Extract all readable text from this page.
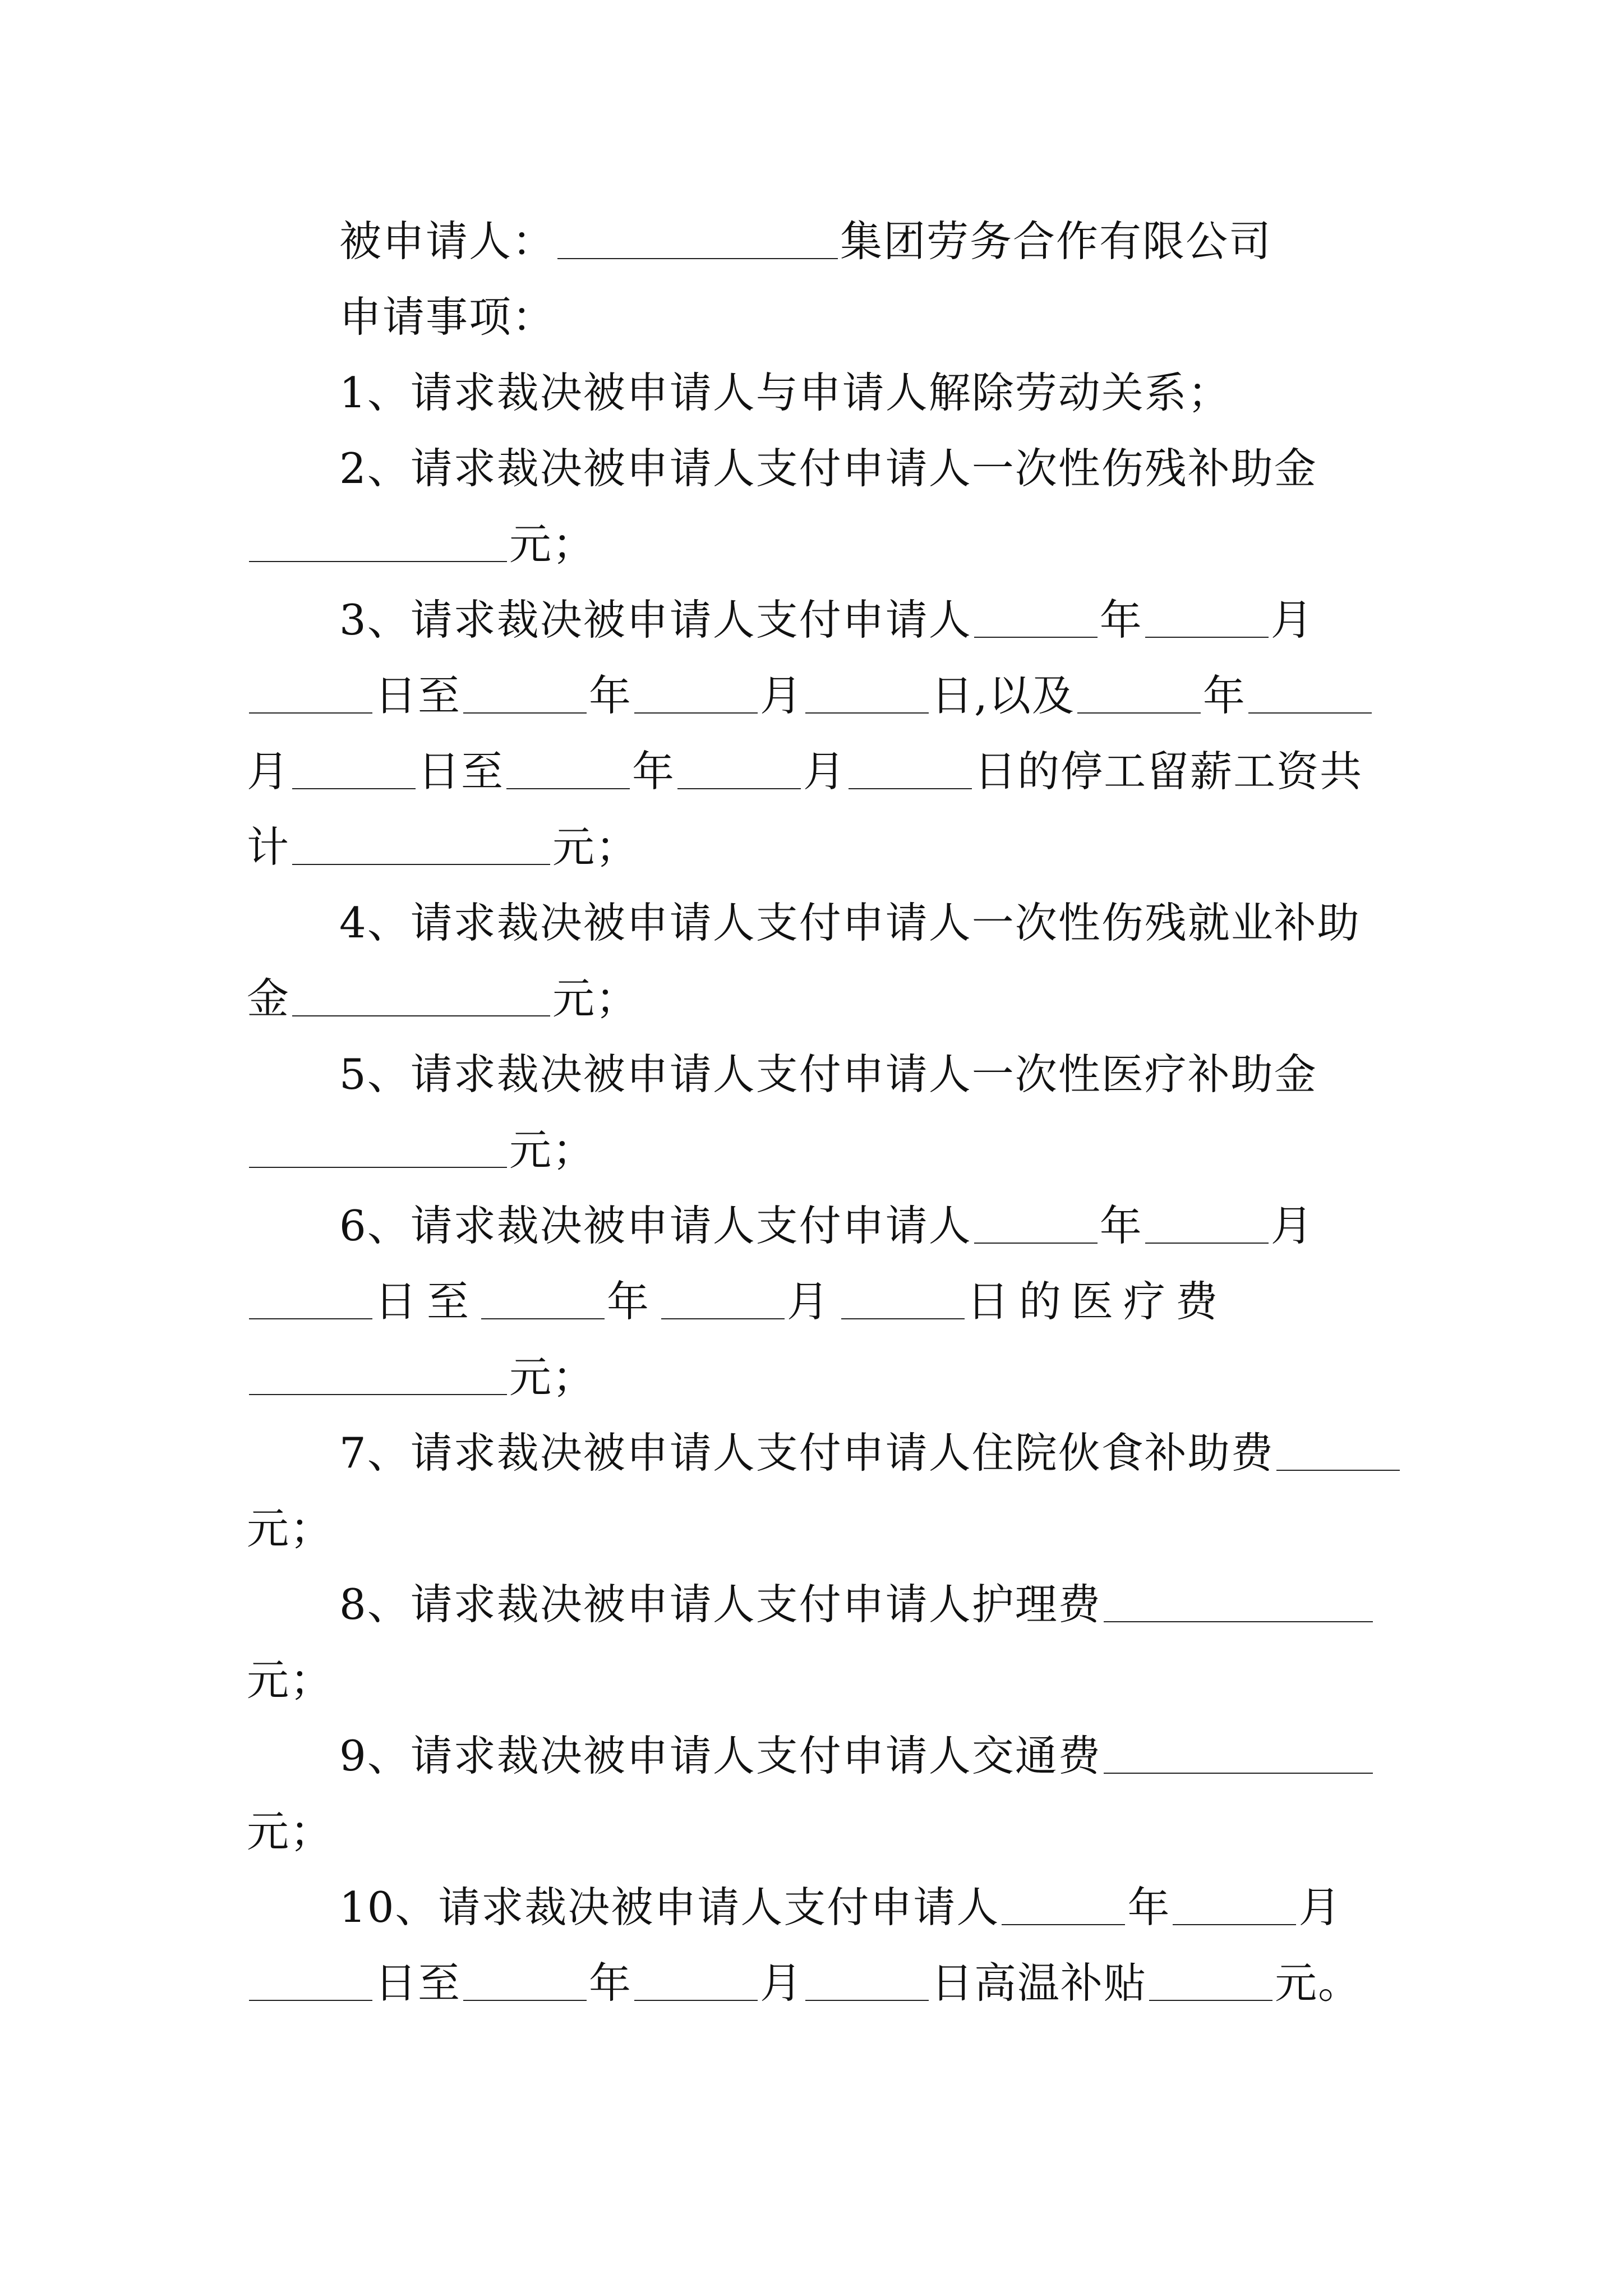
被申请人：	集团劳务合作有限公司
申请事项：
1、请求裁决被申请人与申请人解除劳动关系；
2、请求裁决被申请人支付申请人一次性伤残补助金
元；
3、请求裁决被申请人支付申请人	年	月
日至	年	月	日,以及	年
月	日至	年	月	日的停工留薪工资共
计	元；
4、请求裁决被申请人支付申请人一次性伤残就业补助
金	元；
5、请求裁决被申请人支付申请人一次性医疗补助金
元；
6、请求裁决被申请人支付申请人	年	月
日至	年	月	日的医疗费
元；
7、请求裁决被申请人支付申请人住院伙食补助费
元；
8、请求裁决被申请人支付申请人护理费
元；
9、请求裁决被申请人支付申请人交通费
元；
10、请求裁决被申请人支付申请人	年	月
日至	年	月	日高温补贴	元。
